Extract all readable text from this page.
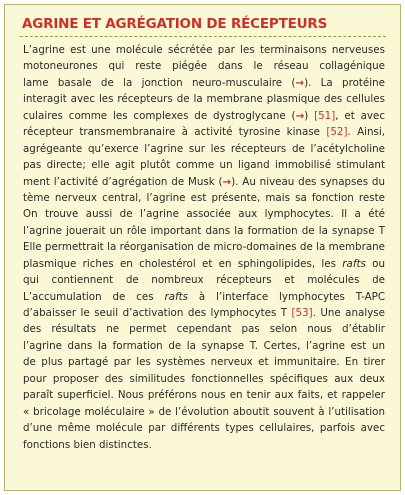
AGRINE ET AGRÉGATION DE RÉCEPTEURS
L’agrine est une molécule sécrétée par les terminaisons nerveuses
motoneurones qui reste piégée dans le réseau collagénique
lame basale de la jonction neuro-musculaire (→). La protéine
interagit avec les récepteurs de la membrane plasmique des cellules
culaires comme les complexes de dystroglycane (→) [51], et avec
récepteur transmembranaire à activité tyrosine kinase [52]. Ainsi,
agrégeante qu’exerce l’agrine sur les récepteurs de l’acétylcholine
pas directe; elle agit plutôt comme un ligand immobilisé stimulant
ment l’activité d’agrégation de Musk (→). Au niveau des synapses du
tème nerveux central, l’agrine est présente, mais sa fonction reste
On trouve aussi de l’agrine associée aux lymphocytes. Il a été
l’agrine jouerait un rôle important dans la formation de la synapse T
Elle permettrait la réorganisation de micro-domaines de la membrane
plasmique riches en cholestérol et en sphingolipides, les rafts ou
qui contiennent de nombreux récepteurs et molécules de
L’accumulation de ces rafts à l’interface lymphocytes T-APC
d’abaisser le seuil d’activation des lymphocytes T [53]. Une analyse
des résultats ne permet cependant pas selon nous d’établir
l’agrine dans la formation de la synapse T. Certes, l’agrine est un
de plus partagé par les systèmes nerveux et immunitaire. En tirer
pour proposer des similitudes fonctionnelles spécifiques aux deux
paraît superficiel. Nous préférons nous en tenir aux faits, et rappeler
« bricolage moléculaire » de l’évolution aboutit souvent à l’utilisation
d’une même molécule par différents types cellulaires, parfois avec
fonctions bien distinctes.
